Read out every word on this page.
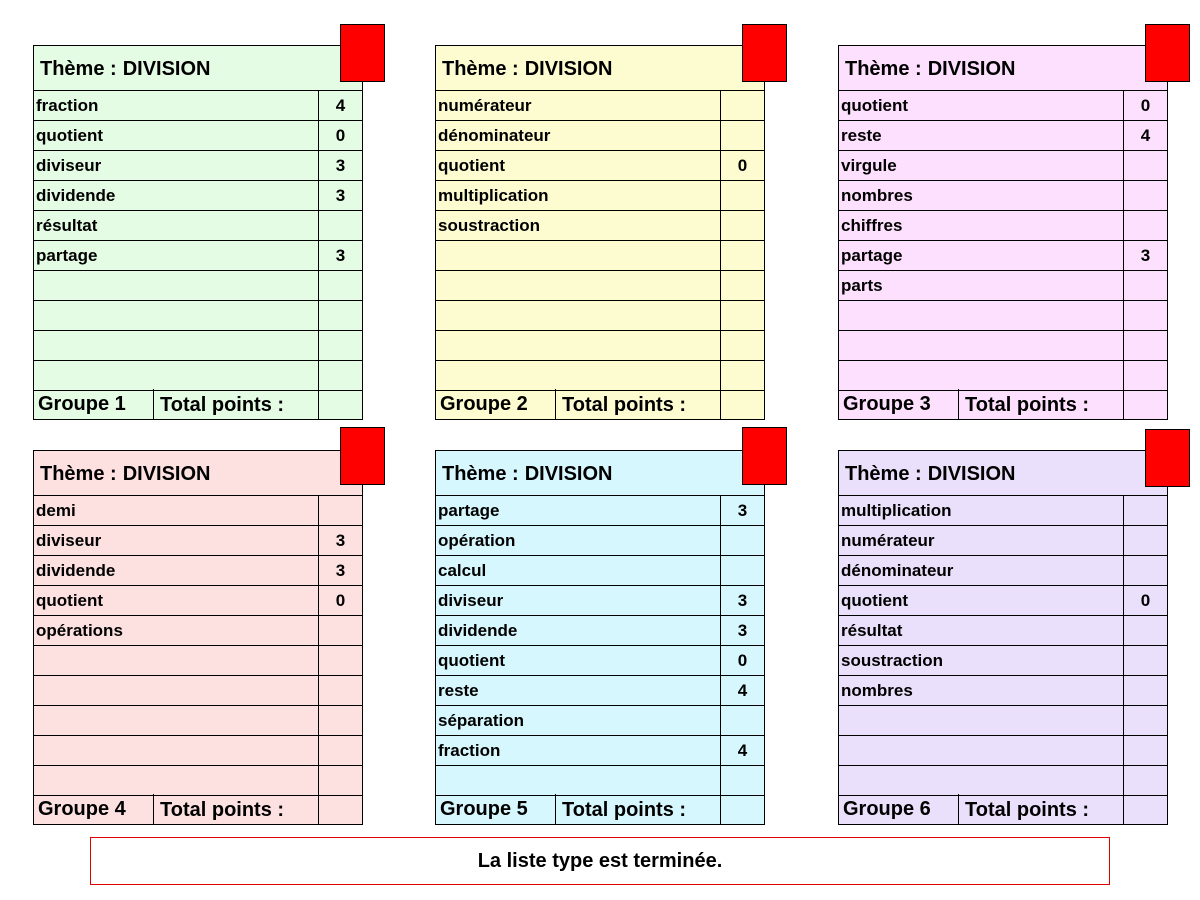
Thème : DIVISION
fraction	4
quotient	0
diviseur	3
dividende	3
résultat
partage	3
Groupe 1	Total points :
Thème : DIVISION
numérateur
dénominateur
quotient	0
multiplication
soustraction
Groupe 2	Total points :
Thème : DIVISION
quotient	0
reste	4
virgule
nombres
chiffres
partage	3
parts
Groupe 3	Total points :
Thème : DIVISION
demi
diviseur	3
dividende	3
quotient	0
opérations
Groupe 4	Total points :
Thème : DIVISION
partage	3
opération
calcul
diviseur	3
dividende	3
quotient	0
reste	4
séparation
fraction	4
Groupe 5	Total points :
Thème : DIVISION
multiplication
numérateur
dénominateur
quotient	0
résultat
soustraction
nombres
Groupe 6	Total points :
La liste type est terminée.
